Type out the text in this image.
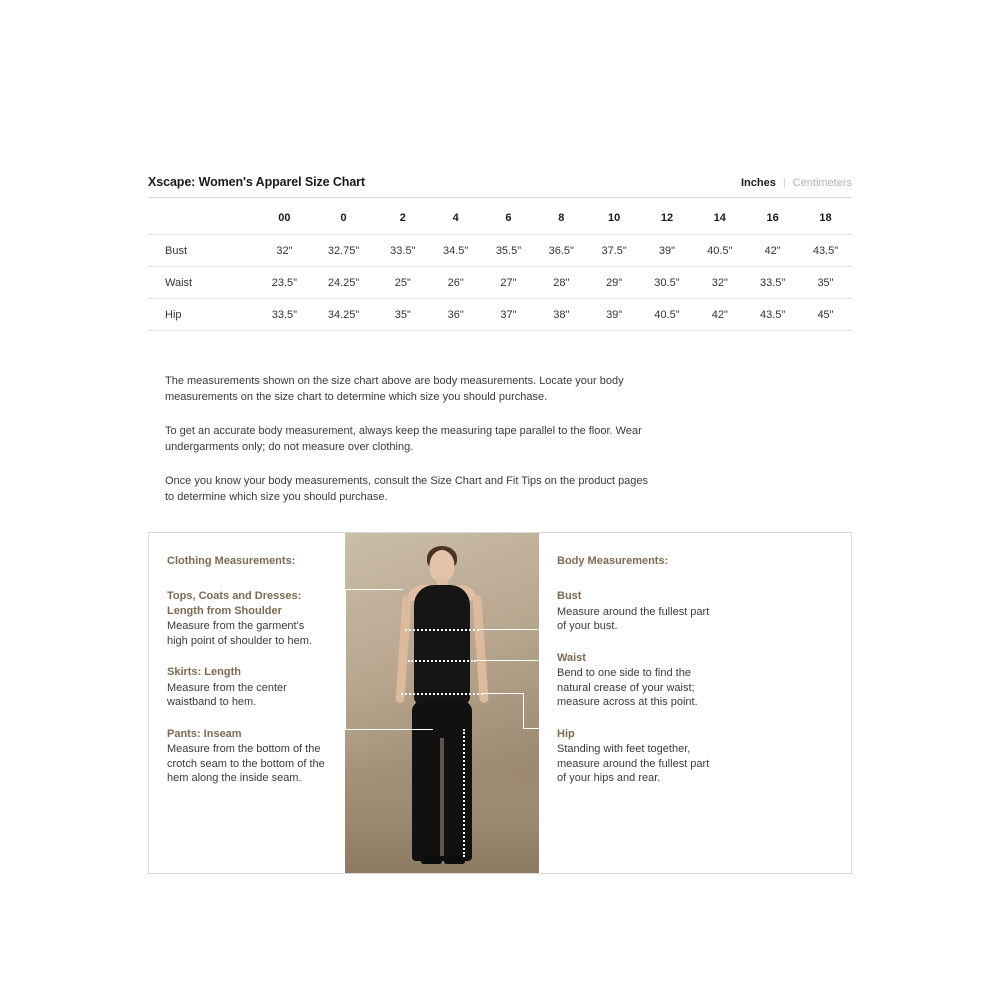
Xscape: Women's Apparel Size Chart	Inches | Centimeters
	00	0	2	4	6	8	10	12	14	16	18
Bust	32"	32.75"	33.5"	34.5"	35.5"	36.5"	37.5"	39"	40.5"	42"	43.5"
Waist	23.5"	24.25"	25"	26"	27"	28"	29"	30.5"	32"	33.5"	35"
Hip	33.5"	34.25"	35"	36"	37"	38"	39"	40.5"	42"	43.5"	45"

The measurements shown on the size chart above are body measurements. Locate your body measurements on the size chart to determine which size you should purchase.

To get an accurate body measurement, always keep the measuring tape parallel to the floor. Wear undergarments only; do not measure over clothing.

Once you know your body measurements, consult the Size Chart and Fit Tips on the product pages to determine which size you should purchase.

Clothing Measurements:
Tops, Coats and Dresses: Length from Shoulder
Measure from the garment's high point of shoulder to hem.
Skirts: Length
Measure from the center waistband to hem.
Pants: Inseam
Measure from the bottom of the crotch seam to the bottom of the hem along the inside seam.
Body Measurements:
Bust
Measure around the fullest part of your bust.
Waist
Bend to one side to find the natural crease of your waist; measure across at this point.
Hip
Standing with feet together, measure around the fullest part of your hips and rear.
